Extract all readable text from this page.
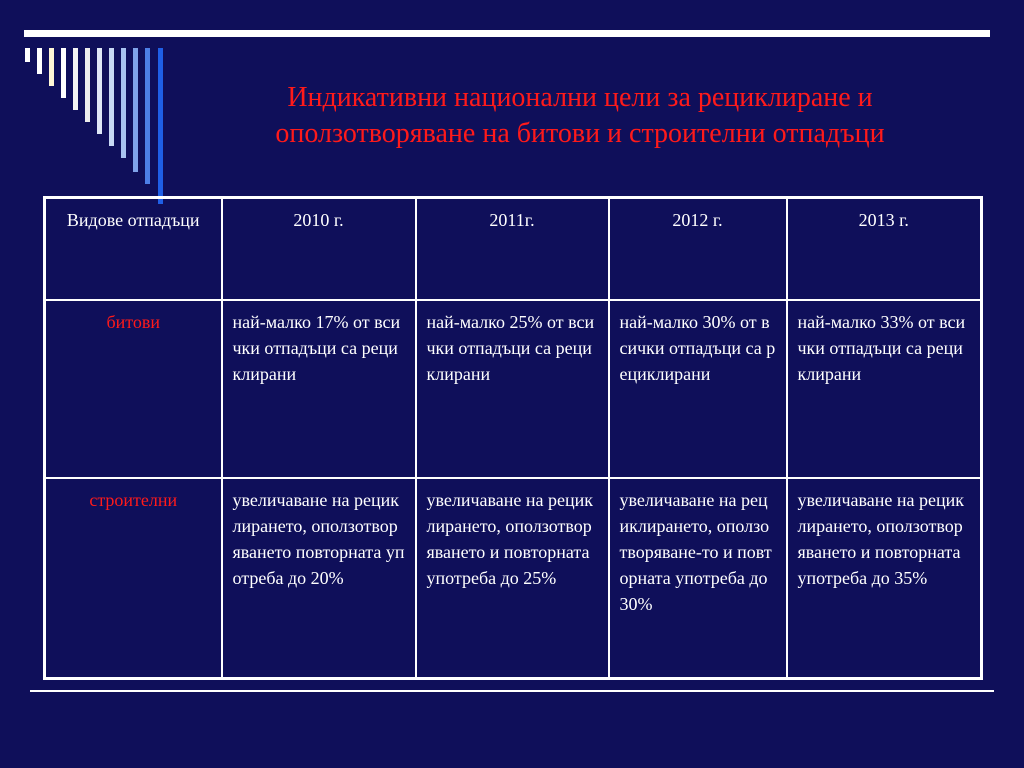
Индикативни национални цели за рециклиране и
оползотворяване на битови и строителни отпадъци
Видове отпадъци	2010 г.	2011г.	2012 г.	2013 г.
битови	най-малко 17% от всички отпадъци са рециклирани	най-малко 25% от всички отпадъци са рециклирани	най-малко 30% от всички отпадъци са рециклирани	най-малко 33% от всички отпадъци са рециклирани
строителни	увеличаване на рециклирането, оползотворяването повторната употреба до 20%	увеличаване на рециклирането, оползотворяването и повторната употреба до 25%	увеличаване на рециклирането, оползотворяване-то и повторната употреба до 30%	увеличаване на рециклирането, оползотворяването и повторната употреба до 35%
